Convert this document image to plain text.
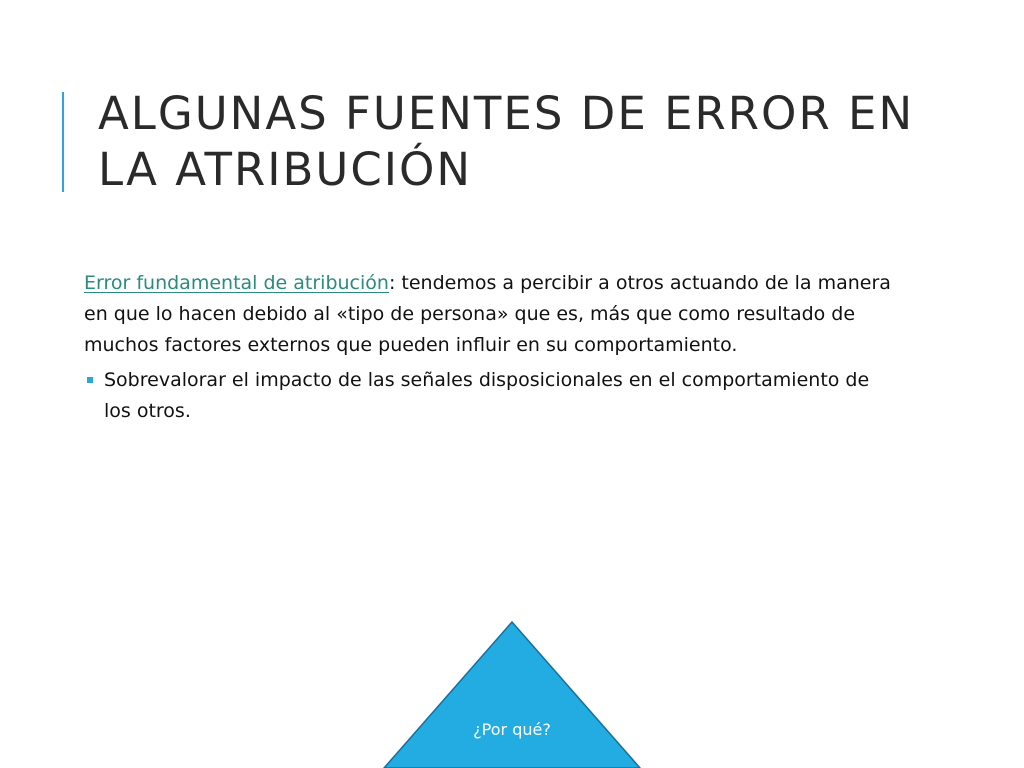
ALGUNAS FUENTES DE ERROR EN LA ATRIBUCIÓN

Error fundamental de atribución: tendemos a percibir a otros actuando de la manera en que lo hacen debido al «tipo de persona» que es, más que como resultado de muchos factores externos que pueden influir en su comportamiento.

Sobrevalorar el impacto de las señales disposicionales en el comportamiento de los otros.
¿Por qué?
